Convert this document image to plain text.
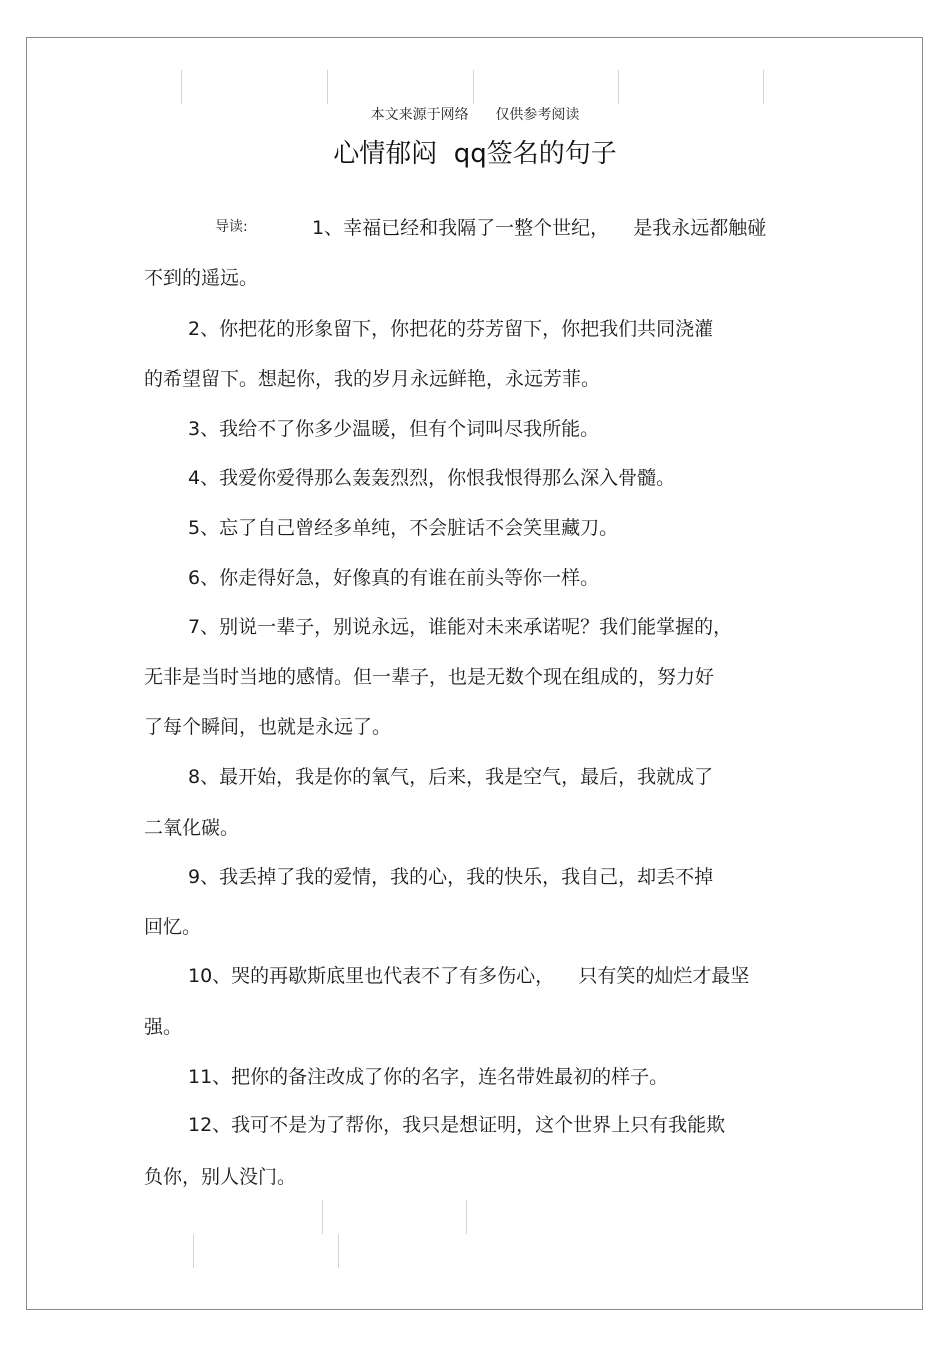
本文来源于网络      仅供参考阅读
心情郁闷  qq签名的句子
导读:	1、幸福已经和我隔了一整个世纪，    是我永远都触碰
不到的遥远。
2、你把花的形象留下，你把花的芬芳留下，你把我们共同浇灌
的希望留下。想起你，我的岁月永远鲜艳，永远芳菲。
3、我给不了你多少温暖，但有个词叫尽我所能。
4、我爱你爱得那么轰轰烈烈，你恨我恨得那么深入骨髓。
5、忘了自己曾经多单纯，不会脏话不会笑里藏刀。
6、你走得好急，好像真的有谁在前头等你一样。
7、别说一辈子，别说永远，谁能对未来承诺呢？我们能掌握的，
无非是当时当地的感情。但一辈子，也是无数个现在组成的，努力好
了每个瞬间，也就是永远了。
8、最开始，我是你的氧气，后来，我是空气，最后，我就成了
二氧化碳。
9、我丢掉了我的爱情，我的心，我的快乐，我自己，却丢不掉
回忆。
10、哭的再歇斯底里也代表不了有多伤心，    只有笑的灿烂才最坚
强。
11、把你的备注改成了你的名字，连名带姓最初的样子。
12、我可不是为了帮你，我只是想证明，这个世界上只有我能欺
负你，别人没门。
